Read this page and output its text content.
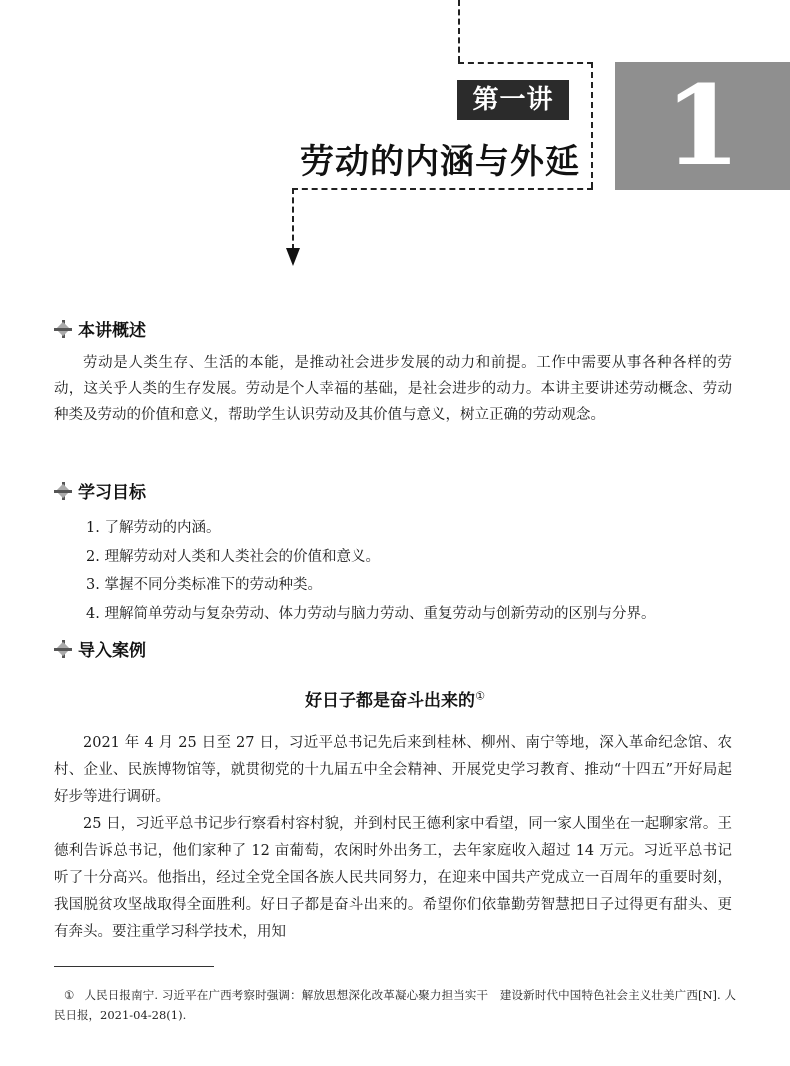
第一讲
劳动的内涵与外延 1
本讲概述

劳动是人类生存、生活的本能，是推动社会进步发展的动力和前提。工作中需要从事各种各样的劳动，这关乎人类的生存发展。劳动是个人幸福的基础，是社会进步的动力。本讲主要讲述劳动概念、劳动种类及劳动的价值和意义，帮助学生认识劳动及其价值与意义，树立正确的劳动观念。

学习目标
1. 了解劳动的内涵。
2. 理解劳动对人类和人类社会的价值和意义。
3. 掌握不同分类标准下的劳动种类。
4. 理解简单劳动与复杂劳动、体力劳动与脑力劳动、重复劳动与创新劳动的区别与分界。
导入案例
好日子都是奋斗出来的①

2021 年 4 月 25 日至 27 日，习近平总书记先后来到桂林、柳州、南宁等地，深入革命纪念馆、农村、企业、民族博物馆等，就贯彻党的十九届五中全会精神、开展党史学习教育、推动“十四五”开好局起好步等进行调研。

25 日，习近平总书记步行察看村容村貌，并到村民王德利家中看望，同一家人围坐在一起聊家常。王德利告诉总书记，他们家种了 12 亩葡萄，农闲时外出务工，去年家庭收入超过 14 万元。习近平总书记听了十分高兴。他指出，经过全党全国各族人民共同努力，在迎来中国共产党成立一百周年的重要时刻，我国脱贫攻坚战取得全面胜利。好日子都是奋斗出来的。希望你们依靠勤劳智慧把日子过得更有甜头、更有奔头。要注重学习科学技术，用知

① 人民日报南宁. 习近平在广西考察时强调：解放思想深化改革凝心聚力担当实干　建设新时代中国特色社会主义壮美广西[N]. 人民日报，2021-04-28(1).
